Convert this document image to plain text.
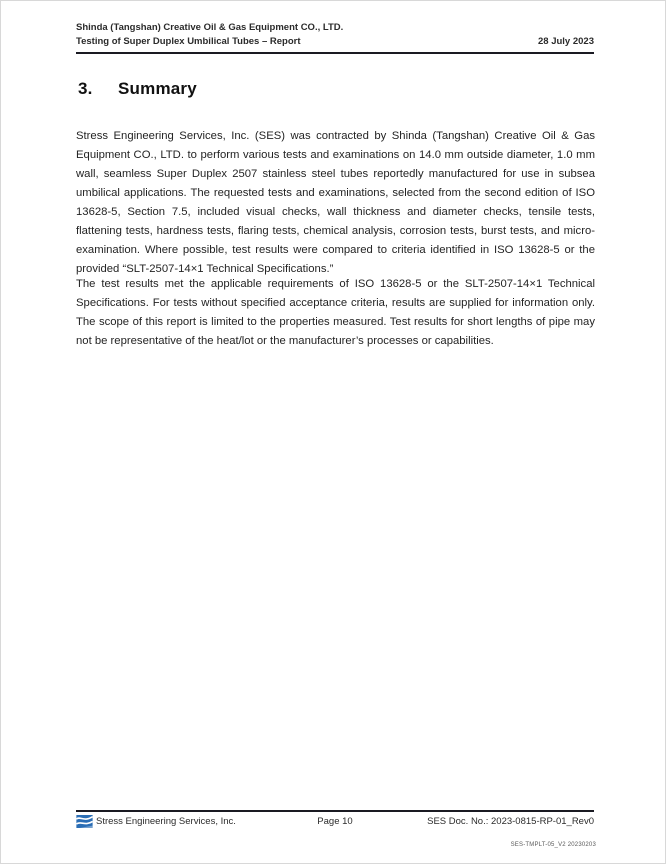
Shinda (Tangshan) Creative Oil & Gas Equipment CO., LTD.
Testing of Super Duplex Umbilical Tubes – Report	28 July 2023
3.	Summary

Stress Engineering Services, Inc. (SES) was contracted by Shinda (Tangshan) Creative Oil & Gas Equipment CO., LTD. to perform various tests and examinations on 14.0 mm outside diameter, 1.0 mm wall, seamless Super Duplex 2507 stainless steel tubes reportedly manufactured for use in subsea umbilical applications. The requested tests and examinations, selected from the second edition of ISO 13628-5, Section 7.5, included visual checks, wall thickness and diameter checks, tensile tests, flattening tests, hardness tests, flaring tests, chemical analysis, corrosion tests, burst tests, and micro-examination. Where possible, test results were compared to criteria identified in ISO 13628-5 or the provided “SLT-2507-14×1 Technical Specifications.”

The test results met the applicable requirements of ISO 13628-5 or the SLT-2507-14×1 Technical Specifications. For tests without specified acceptance criteria, results are supplied for information only. The scope of this report is limited to the properties measured. Test results for short lengths of pipe may not be representative of the heat/lot or the manufacturer’s processes or capabilities.

Stress Engineering Services, Inc.	Page 10	SES Doc. No.: 2023-0815-RP-01_Rev0
SES-TMPLT-05_V2 20230203
